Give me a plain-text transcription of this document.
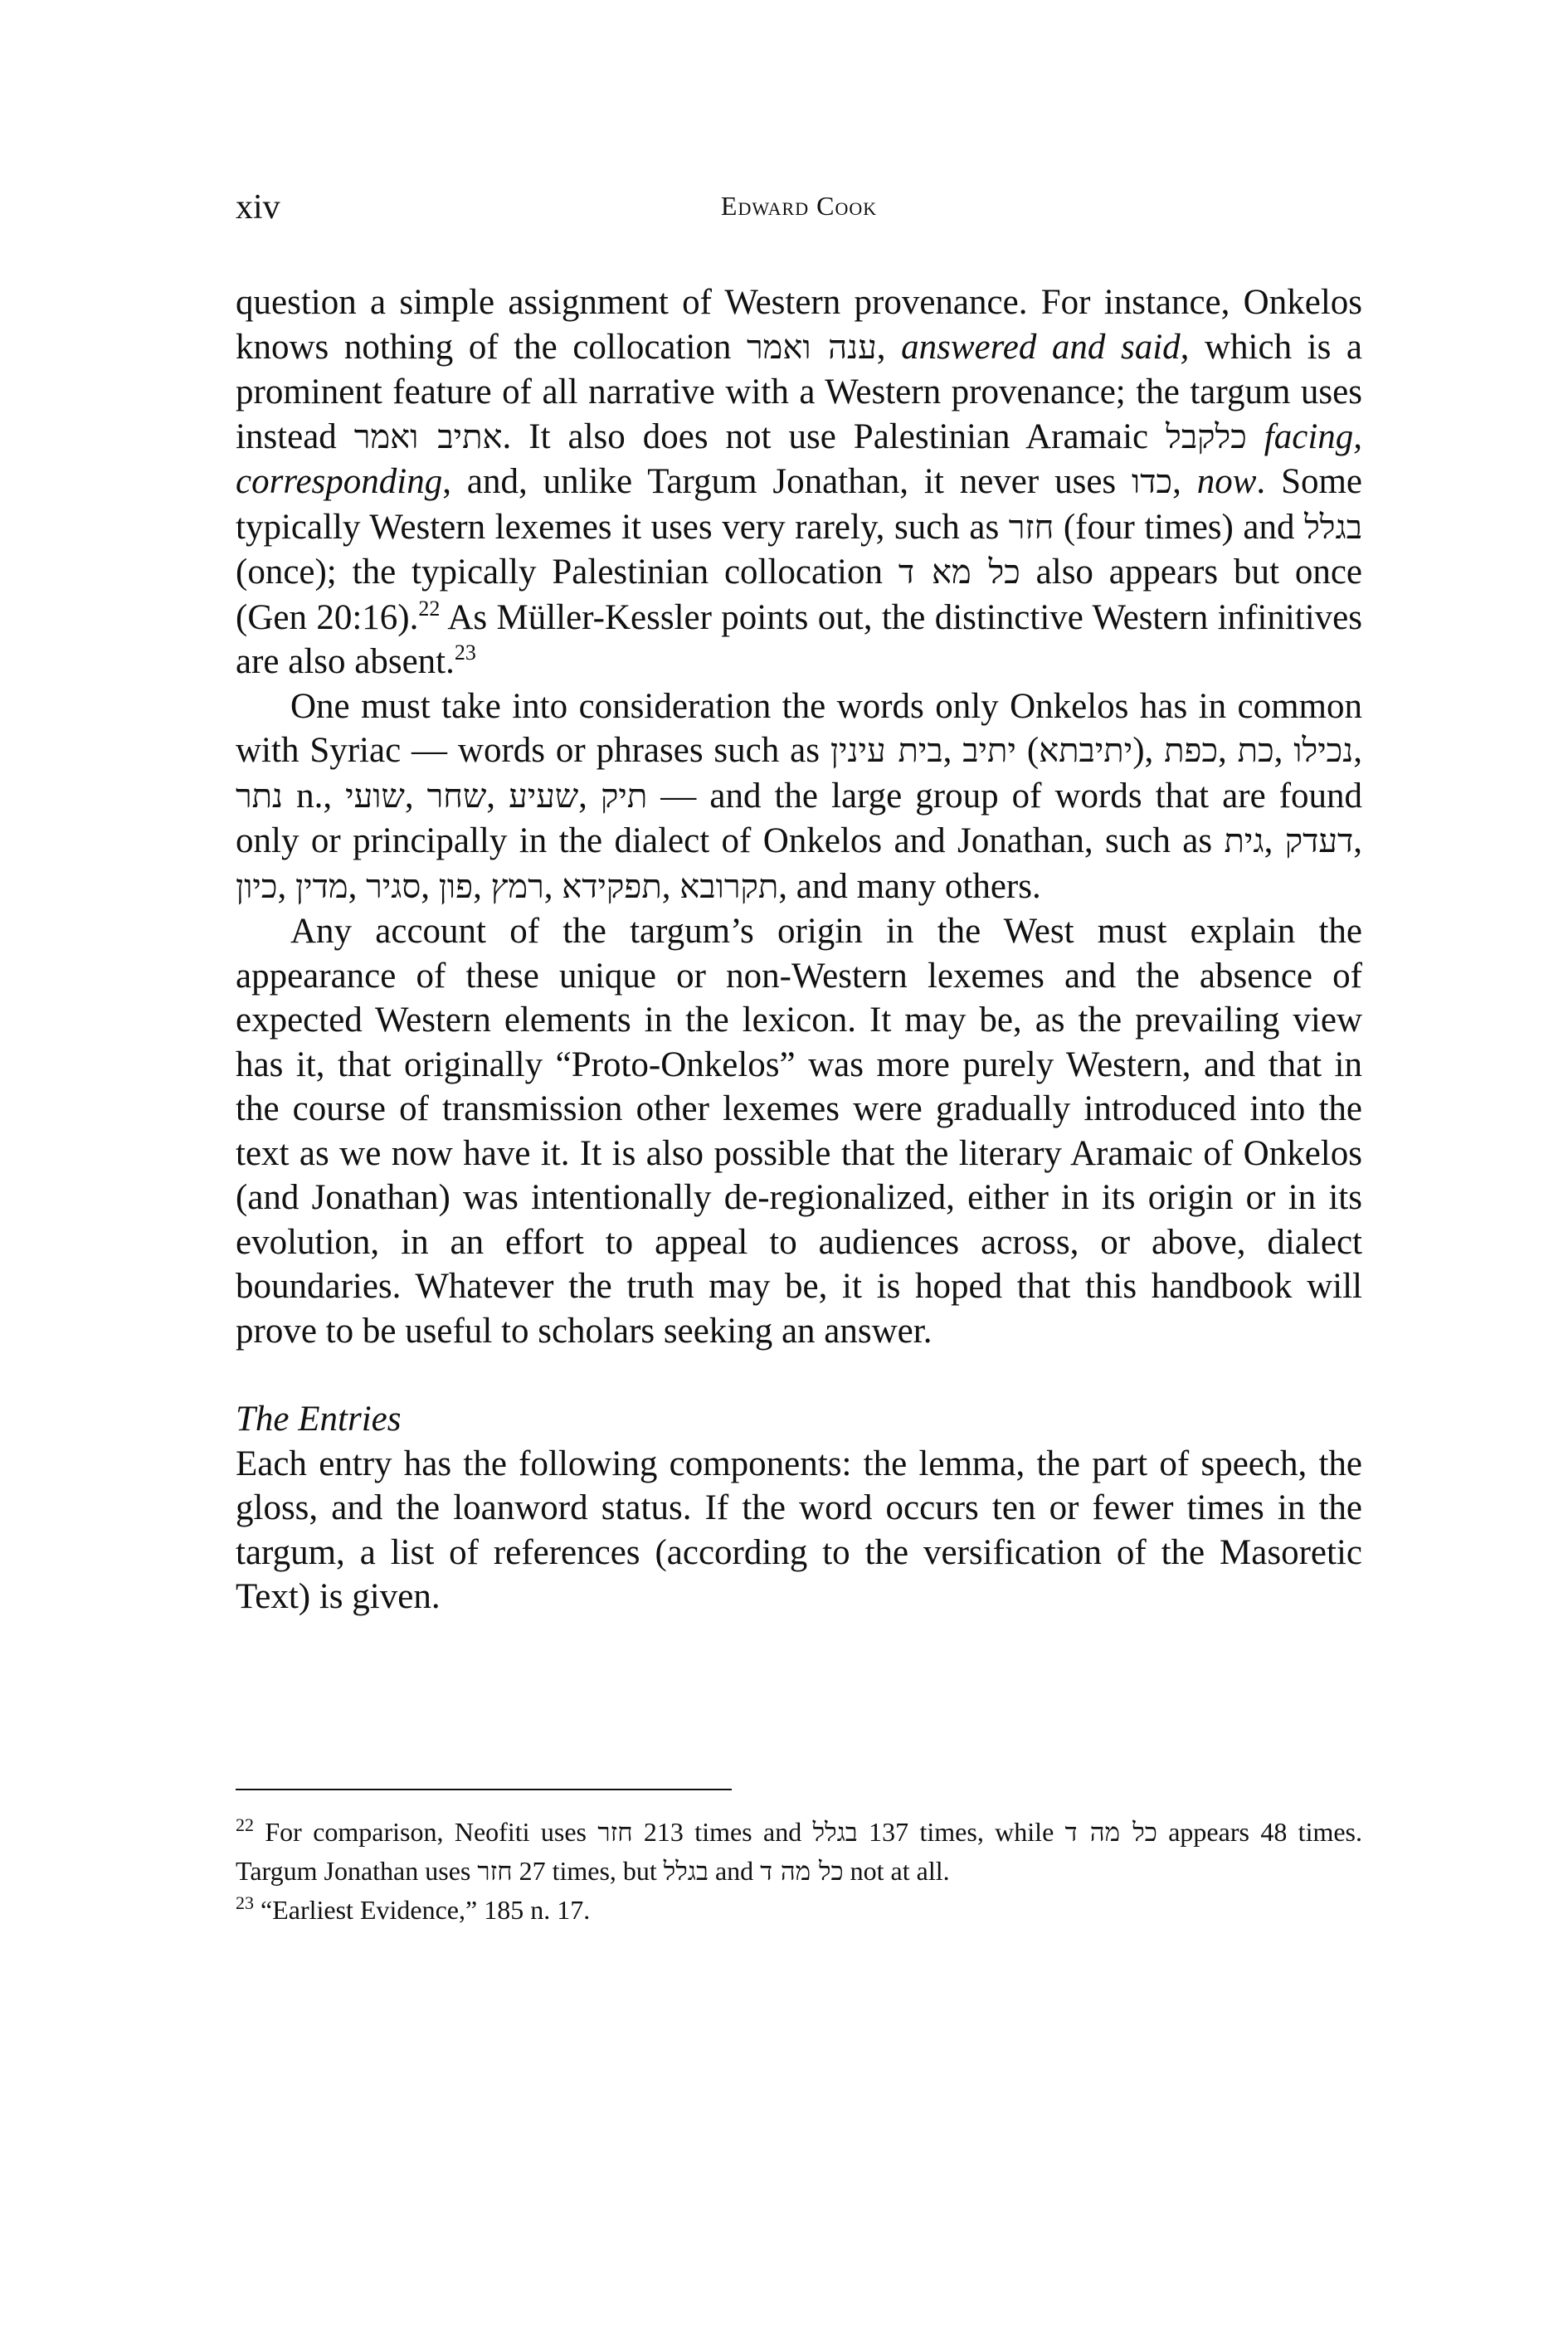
xiv	Edward Cook

question a simple assignment of Western provenance. For instance, Onkelos knows nothing of the collocation ענה ואמר, answered and said, which is a prominent feature of all narrative with a Western provenance; the targum uses instead אתיב ואמר. It also does not use Palestinian Aramaic כלקבל facing, corresponding, and, unlike Targum Jonathan, it never uses כדו, now. Some typically Western lexemes it uses very rarely, such as חזר (four times) and בגלל (once); the typically Palestinian collocation כל מא ד also appears but once (Gen 20:16).$^{22}$ As Müller-Kessler points out, the distinctive Western infinitives are also absent.$^{23}$

One must take into consideration the words only Onkelos has in common with Syriac — words or phrases such as בית עינין, יתיב (יתיבתא), כפת, כת, נכילו, נתר n., שועי, שחר, שעיע, תיק — and the large group of words that are found only or principally in the dialect of Onkelos and Jonathan, such as גית, דעדק, כיון, מדין, סגיר, פון, רמץ, תפקידא, תקרובא, and many others.

Any account of the targum’s origin in the West must explain the appearance of these unique or non-Western lexemes and the absence of expected Western elements in the lexicon. It may be, as the prevailing view has it, that originally “Proto-Onkelos” was more purely Western, and that in the course of transmission other lexemes were gradually introduced into the text as we now have it. It is also possible that the literary Aramaic of Onkelos (and Jonathan) was intentionally de-regionalized, either in its origin or in its evolution, in an effort to appeal to audiences across, or above, dialect boundaries. Whatever the truth may be, it is hoped that this handbook will prove to be useful to scholars seeking an answer.

The Entries

Each entry has the following components: the lemma, the part of speech, the gloss, and the loanword status. If the word occurs ten or fewer times in the targum, a list of references (according to the versification of the Masoretic Text) is given.

$^{22}$ For comparison, Neofiti uses חזר 213 times and בגלל 137 times, while כל מה ד appears 48 times. Targum Jonathan uses חזר 27 times, but בגלל and כל מה ד not at all.

$^{23}$ “Earliest Evidence,” 185 n. 17.
